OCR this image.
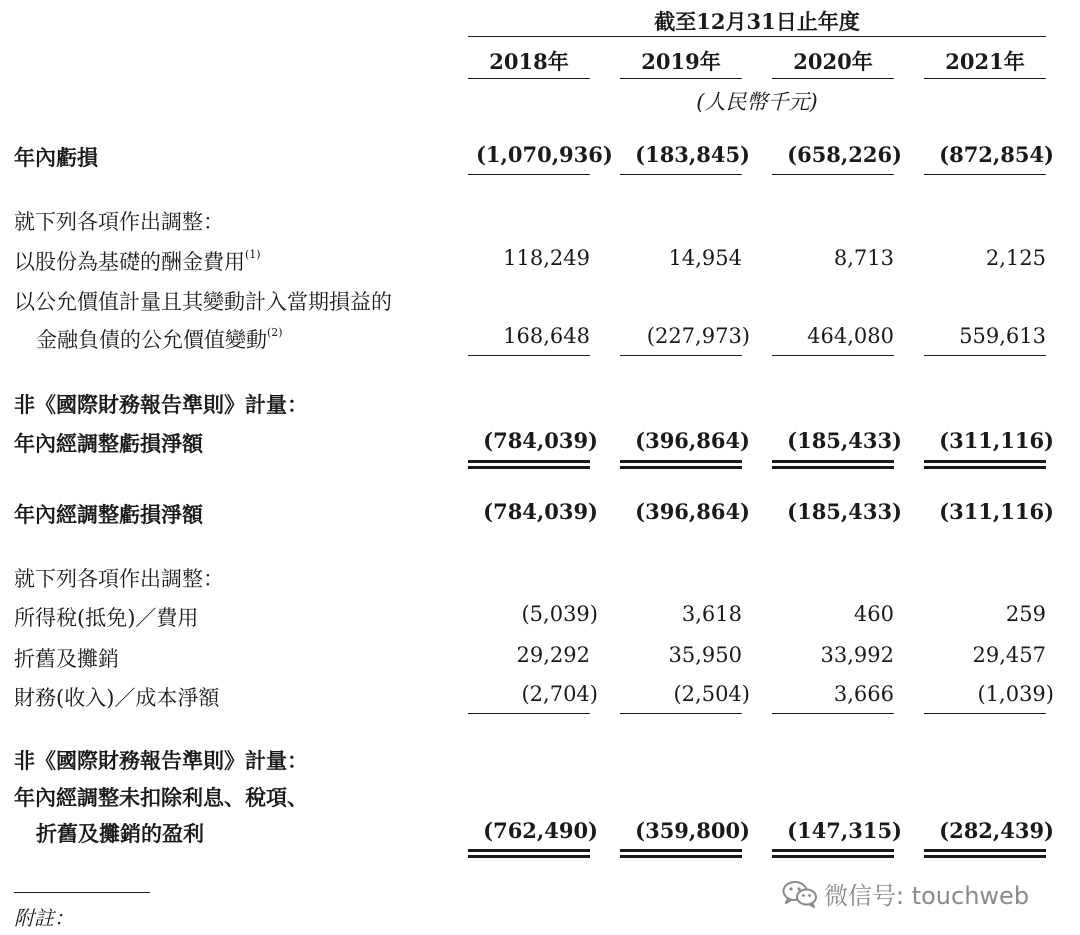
截至12月31日止年度
2018年	2019年	2020年	2021年
(人民幣千元)
年內虧損	(1,070,936)	(183,845)	(658,226)	(872,854)
就下列各項作出調整：
以股份為基礎的酬金費用$^{(1)}$	118,249	14,954	8,713	2,125
以公允價值計量且其變動計入當期損益的
金融負債的公允價值變動$^{(2)}$	168,648	(227,973)	464,080	559,613
非《國際財務報告準則》計量：
年內經調整虧損淨額	(784,039)	(396,864)	(185,433)	(311,116)
年內經調整虧損淨額	(784,039)	(396,864)	(185,433)	(311,116)
就下列各項作出調整：
所得稅(抵免)／費用	(5,039)	3,618	460	259
折舊及攤銷	29,292	35,950	33,992	29,457
財務(收入)／成本淨額	(2,704)	(2,504)	3,666	(1,039)
非《國際財務報告準則》計量：
年內經調整未扣除利息、稅項、
折舊及攤銷的盈利	(762,490)	(359,800)	(147,315)	(282,439)
附註：
微信号: touchweb
